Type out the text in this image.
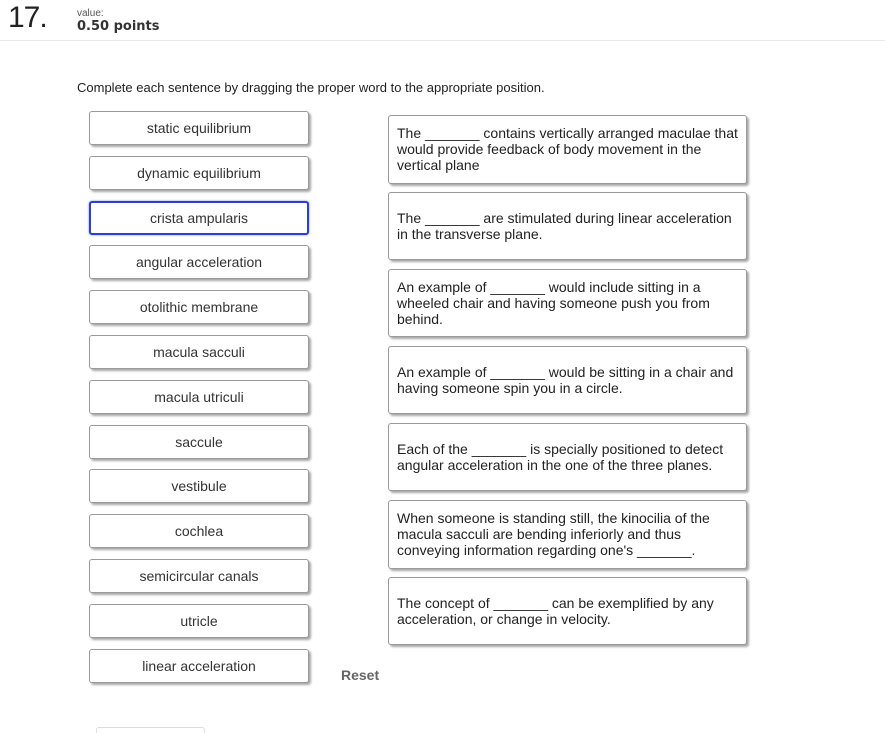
17.	value:
0.50 points
Complete each sentence by dragging the proper word to the appropriate position.
static equilibrium
dynamic equilibrium
crista ampularis
angular acceleration
otolithic membrane
macula sacculi
macula utriculi
saccule
vestibule
cochlea
semicircular canals
utricle
linear acceleration
The _______ contains vertically arranged maculae that would provide feedback of body movement in the vertical plane
The _______ are stimulated during linear acceleration in the transverse plane.
An example of _______ would include sitting in a wheeled chair and having someone push you from behind.
An example of _______ would be sitting in a chair and having someone spin you in a circle.
Each of the _______ is specially positioned to detect angular acceleration in the one of the three planes.
When someone is standing still, the kinocilia of the macula sacculi are bending inferiorly and thus conveying information regarding one's _______.
The concept of _______ can be exemplified by any acceleration, or change in velocity.
Reset
